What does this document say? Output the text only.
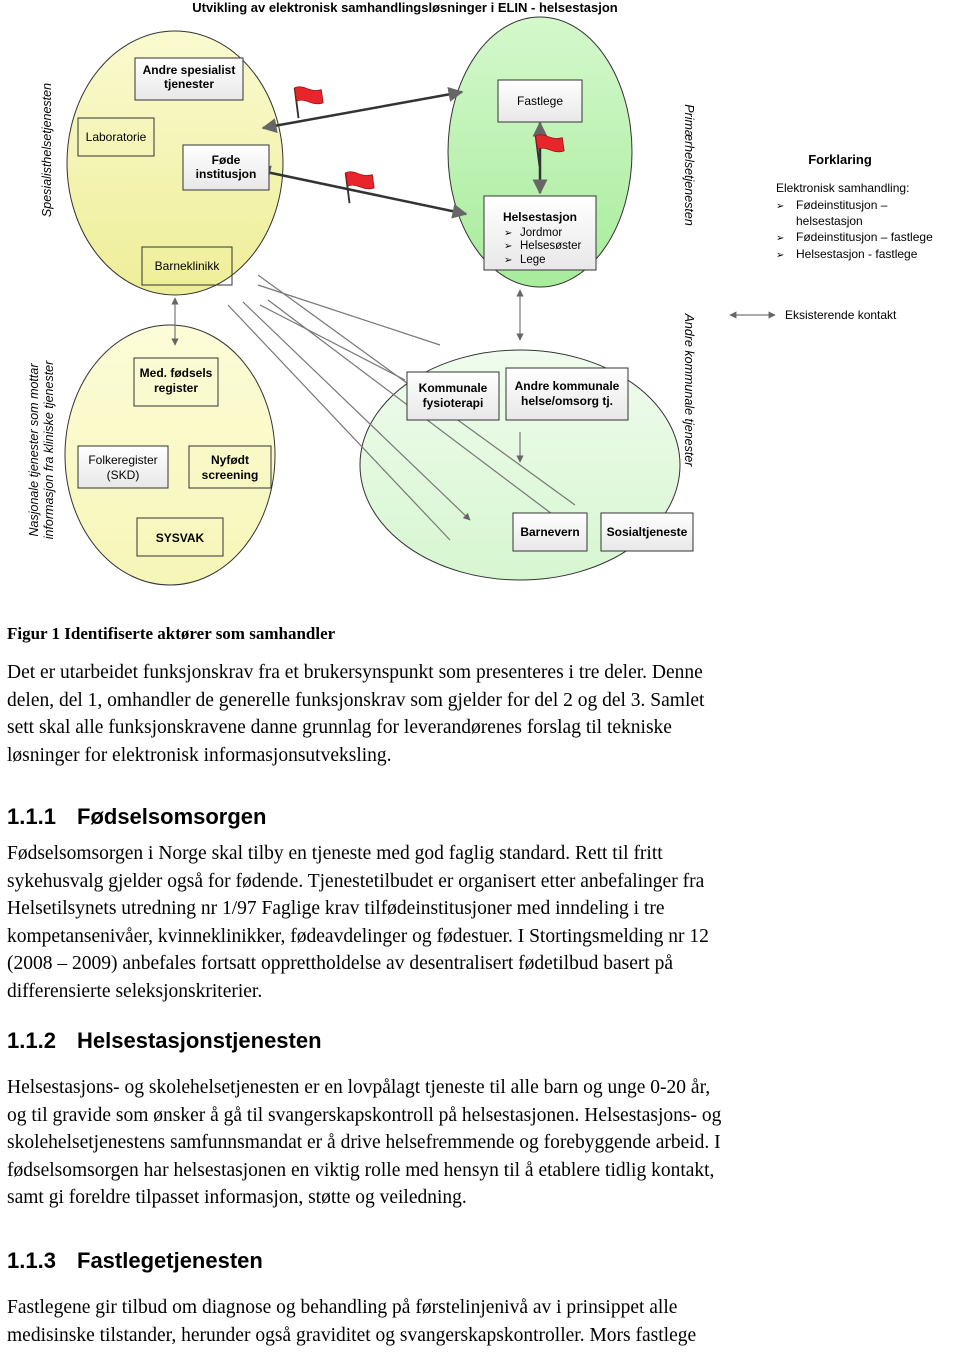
Utvikling av elektronisk samhandlingsløsninger i ELIN - helsestasjon
Spesialisthelsetjenesten
Nasjonale tjenester som mottar informasjon fra kliniske tjenester
Primærhelsetjenesten
Andre kommunale tjenester
Laboratorie
Andre spesialist
tjenester
Føde
institusjon
Barneklinikk
Fastlege
Helsestasjon
➢ Jordmor
➢ Helsesøster
➢ Lege
Forklaring
Elektronisk samhandling:
➢ Fødeinstitusjon –
helsestasjon
➢ Fødeinstitusjon – fastlege
➢ Helsestasjon - fastlege
Eksisterende kontakt
Med. fødsels
register
Folkeregister
(SKD)
Nyfødt
screening
SYSVAK
Kommunale
fysioterapi
Andre kommunale
helse/omsorg tj.
Barnevern Sosialtjeneste

Figur 1 Identifiserte aktører som samhandler

Det er utarbeidet funksjonskrav fra et brukersynspunkt som presenteres i tre deler. Denne
delen, del 1, omhandler de generelle funksjonskrav som gjelder for del 2 og del 3. Samlet
sett skal alle funksjonskravene danne grunnlag for leverandørenes forslag til tekniske
løsninger for elektronisk informasjonsutveksling.

1.1.1 Fødselsomsorgen

Fødselsomsorgen i Norge skal tilby en tjeneste med god faglig standard. Rett til fritt
sykehusvalg gjelder også for fødende. Tjenestetilbudet er organisert etter anbefalinger fra
Helsetilsynets utredning nr 1/97 Faglige krav tilfødeinstitusjoner med inndeling i tre
kompetansenivåer, kvinneklinikker, fødeavdelinger og fødestuer. I Stortingsmelding nr 12
(2008 – 2009) anbefales fortsatt opprettholdelse av desentralisert fødetilbud basert på
differensierte seleksjonskriterier.

1.1.2 Helsestasjonstjenesten

Helsestasjons- og skolehelsetjenesten er en lovpålagt tjeneste til alle barn og unge 0-20 år,
og til gravide som ønsker å gå til svangerskapskontroll på helsestasjonen. Helsestasjons- og
skolehelsetjenestens samfunnsmandat er å drive helsefremmende og forebyggende arbeid. I
fødselsomsorgen har helsestasjonen en viktig rolle med hensyn til å etablere tidlig kontakt,
samt gi foreldre tilpasset informasjon, støtte og veiledning.

1.1.3 Fastlegetjenesten

Fastlegene gir tilbud om diagnose og behandling på førstelinjenivå av i prinsippet alle
medisinske tilstander, herunder også graviditet og svangerskapskontroller. Mors fastlege
